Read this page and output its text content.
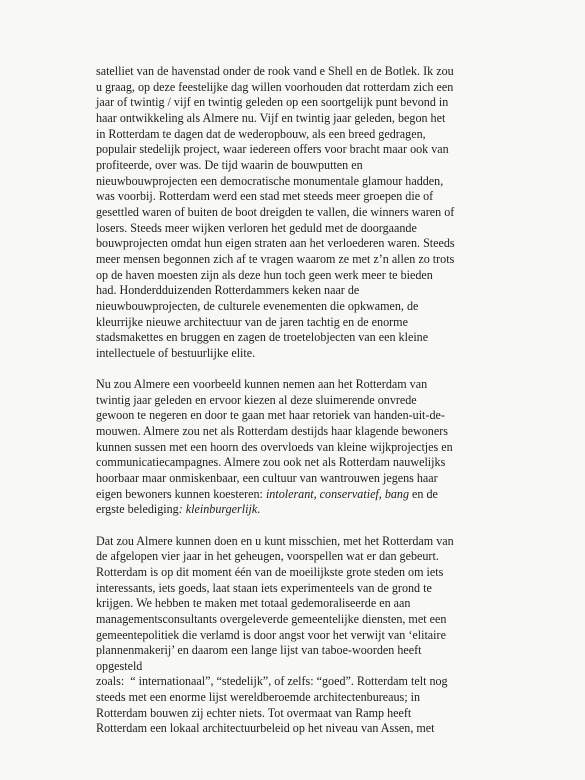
satelliet van de havenstad onder de rook vand e Shell en de Botlek. Ik zou
u graag, op deze feestelijke dag willen voorhouden dat rotterdam zich een
jaar of twintig / vijf en twintig geleden op een soortgelijk punt bevond in
haar ontwikkeling als Almere nu. Vijf en twintig jaar geleden, begon het
in Rotterdam te dagen dat de wederopbouw, als een breed gedragen,
populair stedelijk project, waar iedereen offers voor bracht maar ook van
profiteerde, over was. De tijd waarin de bouwputten en
nieuwbouwprojecten een democratische monumentale glamour hadden,
was voorbij. Rotterdam werd een stad met steeds meer groepen die of
gesettled waren of buiten de boot dreigden te vallen, die winners waren of
losers. Steeds meer wijken verloren het geduld met de doorgaande
bouwprojecten omdat hun eigen straten aan het verloederen waren. Steeds
meer mensen begonnen zich af te vragen waarom ze met z’n allen zo trots
op de haven moesten zijn als deze hun toch geen werk meer te bieden
had. Honderdduizenden Rotterdammers keken naar de
nieuwbouwprojecten, de culturele evenementen die opkwamen, de
kleurrijke nieuwe architectuur van de jaren tachtig en de enorme
stadsmakettes en bruggen en zagen de troetelobjecten van een kleine
intellectuele of bestuurlijke elite.

Nu zou Almere een voorbeeld kunnen nemen aan het Rotterdam van
twintig jaar geleden en ervoor kiezen al deze sluimerende onvrede
gewoon te negeren en door te gaan met haar retoriek van handen-uit-de-
mouwen. Almere zou net als Rotterdam destijds haar klagende bewoners
kunnen sussen met een hoorn des overvloeds van kleine wijkprojectjes en
communicatiecampagnes. Almere zou ook net als Rotterdam nauwelijks
hoorbaar maar onmiskenbaar, een cultuur van wantrouwen jegens haar
eigen bewoners kunnen koesteren: intolerant, conservatief, bang en de
ergste belediging: kleinburgerlijk.

Dat zou Almere kunnen doen en u kunt misschien, met het Rotterdam van
de afgelopen vier jaar in het geheugen, voorspellen wat er dan gebeurt.
Rotterdam is op dit moment één van de moeilijkste grote steden om iets
interessants, iets goeds, laat staan iets experimenteels van de grond te
krijgen. We hebben te maken met totaal gedemoraliseerde en aan
managementsconsultants overgeleverde gemeentelijke diensten, met een
gemeentepolitiek die verlamd is door angst voor het verwijt van ‘elitaire
plannenmakerij’ en daarom een lange lijst van taboe-woorden heeft
opgesteld
zoals:  “ internationaal”, “stedelijk”, of zelfs: “goed”. Rotterdam telt nog
steeds met een enorme lijst wereldberoemde architectenbureaus; in
Rotterdam bouwen zij echter niets. Tot overmaat van Ramp heeft
Rotterdam een lokaal architectuurbeleid op het niveau van Assen, met
